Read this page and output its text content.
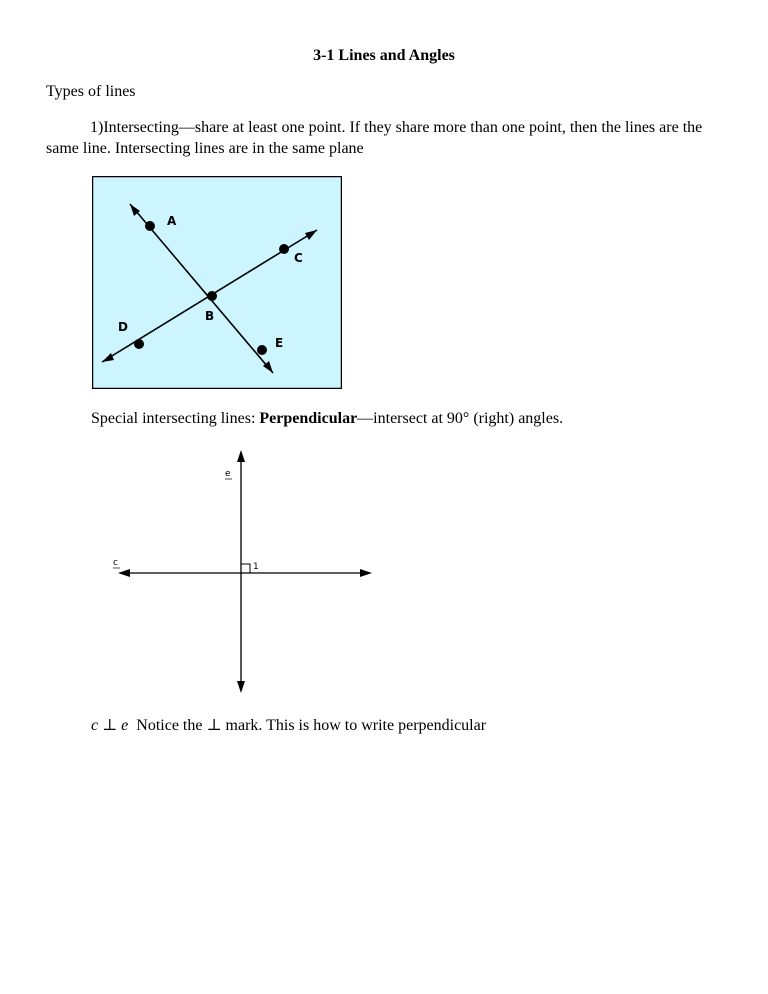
3-1 Lines and Angles
Types of lines
1)Intersecting—share at least one point. If they share more than one point, then the lines are the same line. Intersecting lines are in the same plane
A
C
B
D
E
Special intersecting lines: Perpendicular—intersect at 90° (right) angles.
e
c	1
c ⊥ e Notice the ⊥ mark. This is how to write perpendicular
